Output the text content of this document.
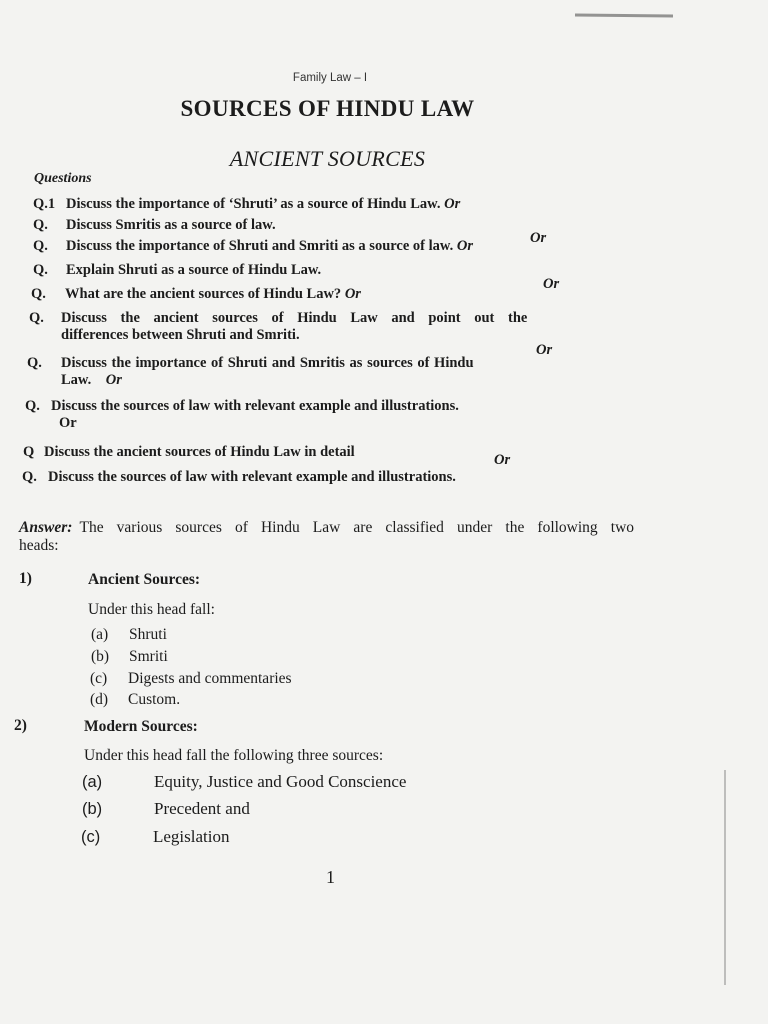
Family Law – I
SOURCES OF HINDU LAW
ANCIENT SOURCES
Questions
Q.1 Discuss the importance of ‘Shruti’ as a source of Hindu Law. Or
Q. Discuss Smritis as a source of law.
Or
Q. Discuss the importance of Shruti and Smriti as a source of law. Or
Q. Explain Shruti as a source of Hindu Law.
Or
Q. What are the ancient sources of Hindu Law? Or
Q. Discuss the ancient sources of Hindu Law and point out the
differences between Shruti and Smriti.
Or
Q. Discuss the importance of Shruti and Smritis as sources of Hindu
Law. Or
Q. Discuss the sources of law with relevant example and illustrations.
Or
Q Discuss the ancient sources of Hindu Law in detail	Or
Q. Discuss the sources of law with relevant example and illustrations.
Answer: The various sources of Hindu Law are classified under the following two heads:
1)	Ancient Sources:
Under this head fall:
(a) Shruti
(b) Smriti
(c) Digests and commentaries
(d) Custom.
2)	Modern Sources:
Under this head fall the following three sources:
(a)	Equity, Justice and Good Conscience
(b)	Precedent and
(c)	Legislation
1
